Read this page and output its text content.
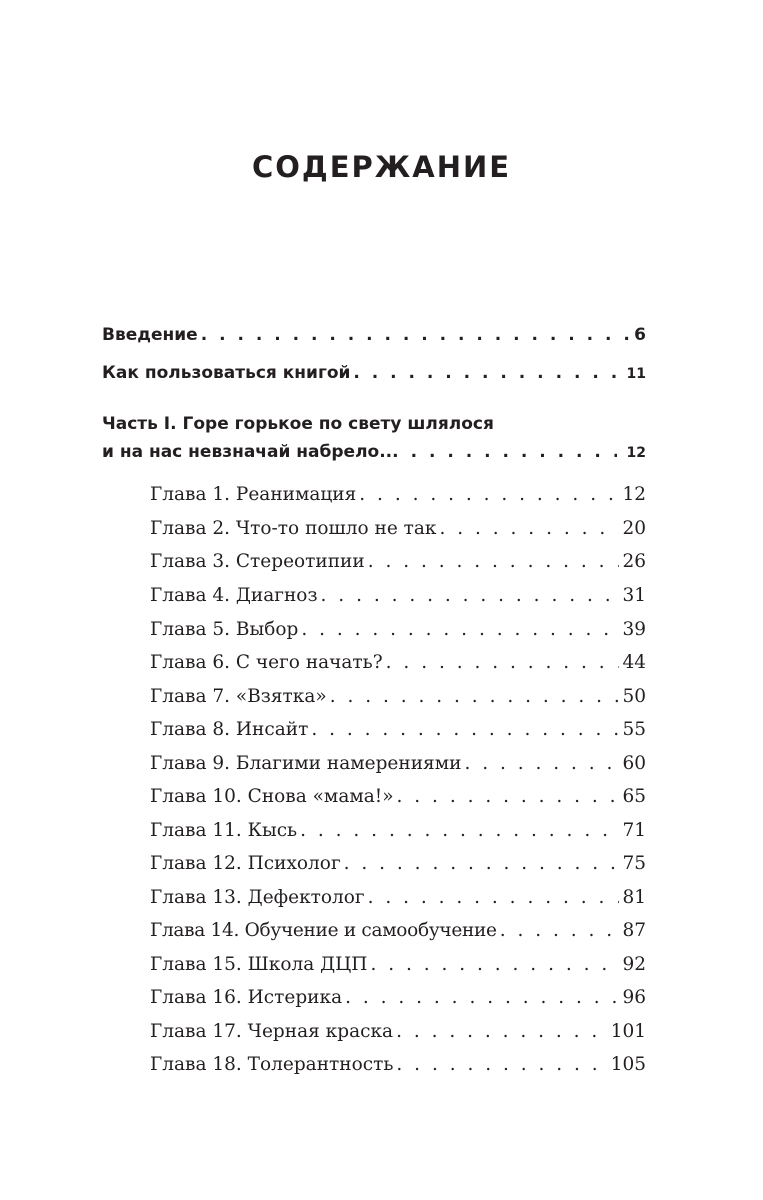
СОДЕРЖАНИЕ
Введение . . .	6
Как пользоваться книгой . . .	11
Часть I. Горе горькое по свету шлялося
и на нас невзначай набрело... . . .	12
Глава 1. Реанимация . . .	12
Глава 2. Что-то пошло не так . . .	20
Глава 3. Стереотипии . . .	26
Глава 4. Диагноз . . .	31
Глава 5. Выбор . . .	39
Глава 6. С чего начать? . . .	44
Глава 7. «Взятка» . . .	50
Глава 8. Инсайт . . .	55
Глава 9. Благими намерениями . . .	60
Глава 10. Снова «мама!» . . .	65
Глава 11. Кысь . . .	71
Глава 12. Психолог . . .	75
Глава 13. Дефектолог . . .	81
Глава 14. Обучение и самообучение . . .	87
Глава 15. Школа ДЦП . . .	92
Глава 16. Истерика . . .	96
Глава 17. Черная краска . . .	101
Глава 18. Толерантность . . .	105
